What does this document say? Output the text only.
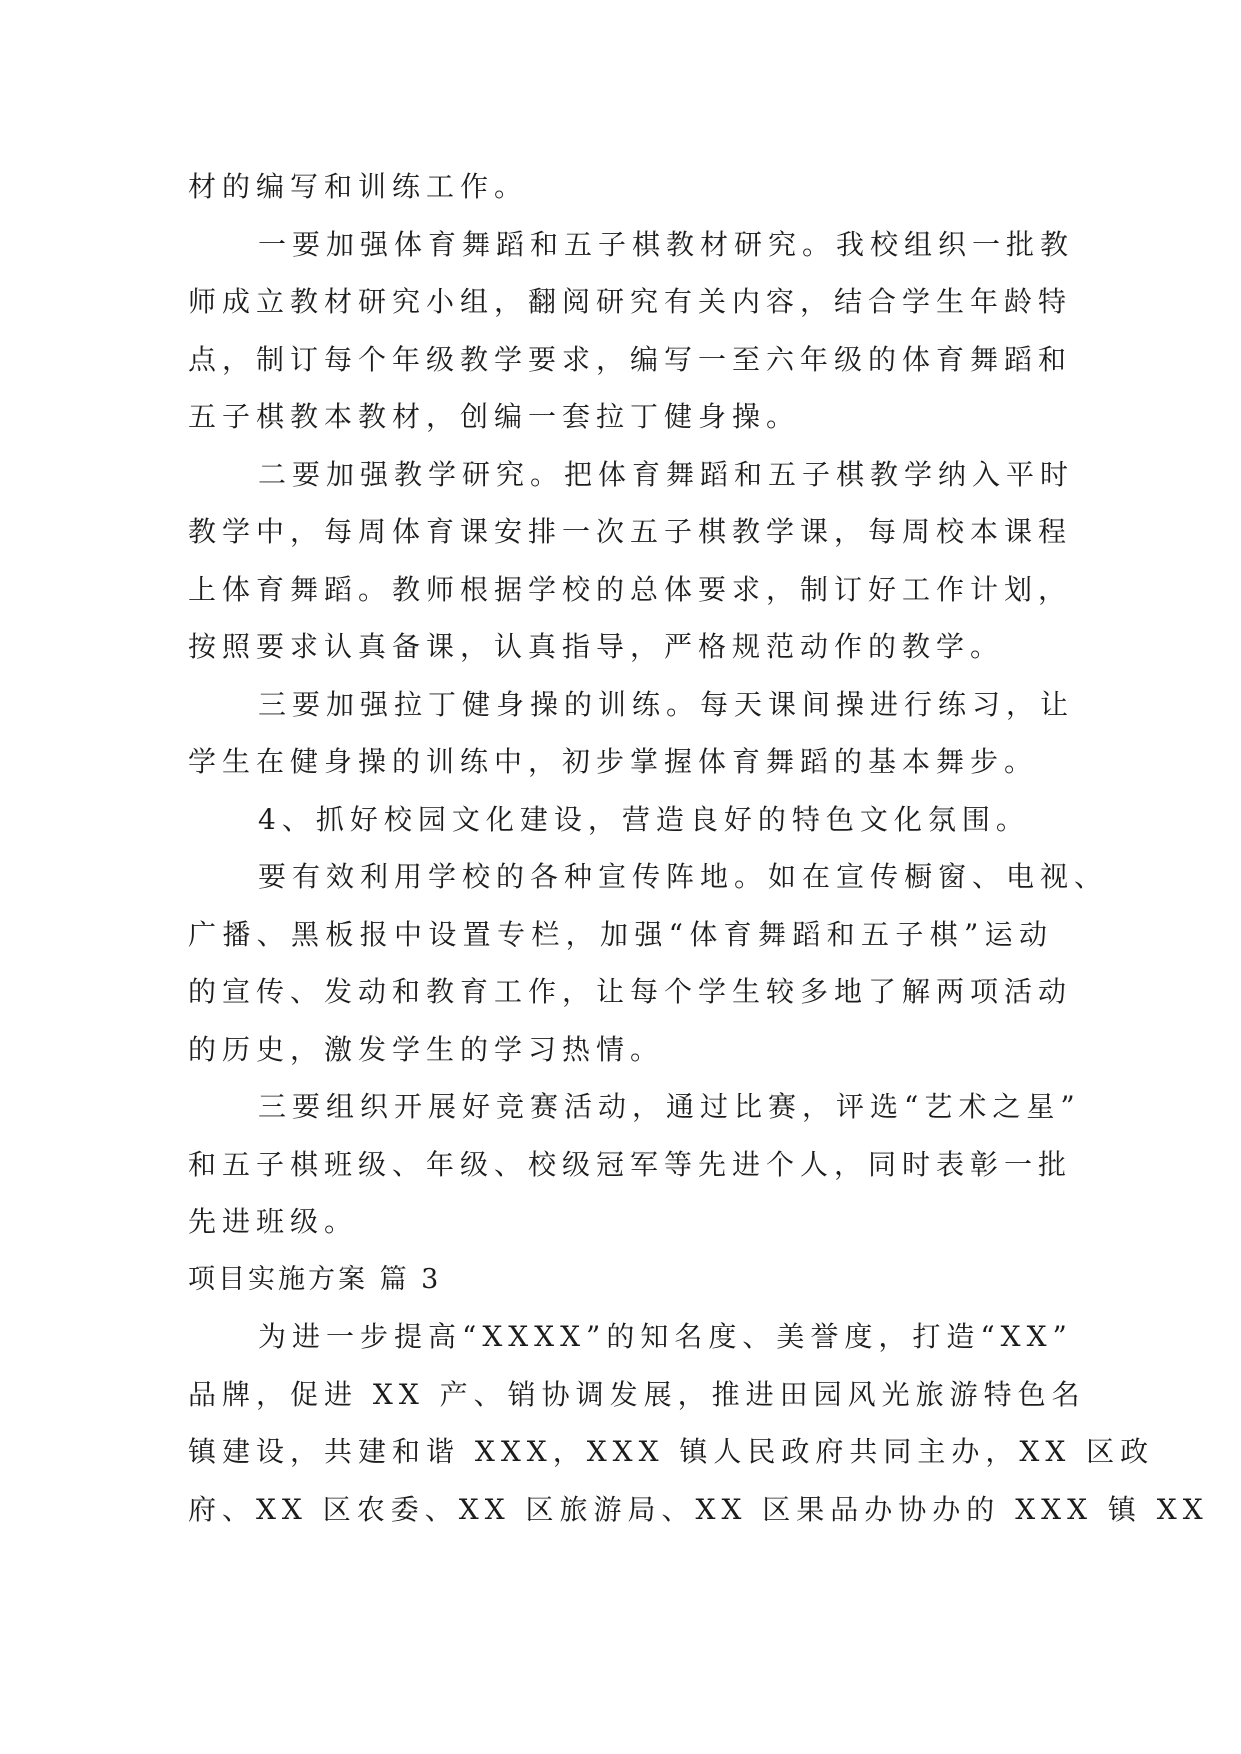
材的编写和训练工作。
一要加强体育舞蹈和五子棋教材研究。我校组织一批教
师成立教材研究小组，翻阅研究有关内容，结合学生年龄特
点，制订每个年级教学要求，编写一至六年级的体育舞蹈和
五子棋教本教材，创编一套拉丁健身操。
二要加强教学研究。把体育舞蹈和五子棋教学纳入平时
教学中，每周体育课安排一次五子棋教学课，每周校本课程
上体育舞蹈。教师根据学校的总体要求，制订好工作计划，
按照要求认真备课，认真指导，严格规范动作的教学。
三要加强拉丁健身操的训练。每天课间操进行练习，让
学生在健身操的训练中，初步掌握体育舞蹈的基本舞步。
4、抓好校园文化建设，营造良好的特色文化氛围。
要有效利用学校的各种宣传阵地。如在宣传橱窗、电视、
广播、黑板报中设置专栏，加强“体育舞蹈和五子棋”运动
的宣传、发动和教育工作，让每个学生较多地了解两项活动
的历史，激发学生的学习热情。
三要组织开展好竞赛活动，通过比赛，评选“艺术之星”
和五子棋班级、年级、校级冠军等先进个人，同时表彰一批
先进班级。
项目实施方案 篇 3
为进一步提高“XXXX”的知名度、美誉度，打造“XX”
品牌，促进 XX 产、销协调发展，推进田园风光旅游特色名
镇建设，共建和谐 XXX，XXX 镇人民政府共同主办，XX 区政
府、XX 区农委、XX 区旅游局、XX 区果品办协办的 XXX 镇 XX
